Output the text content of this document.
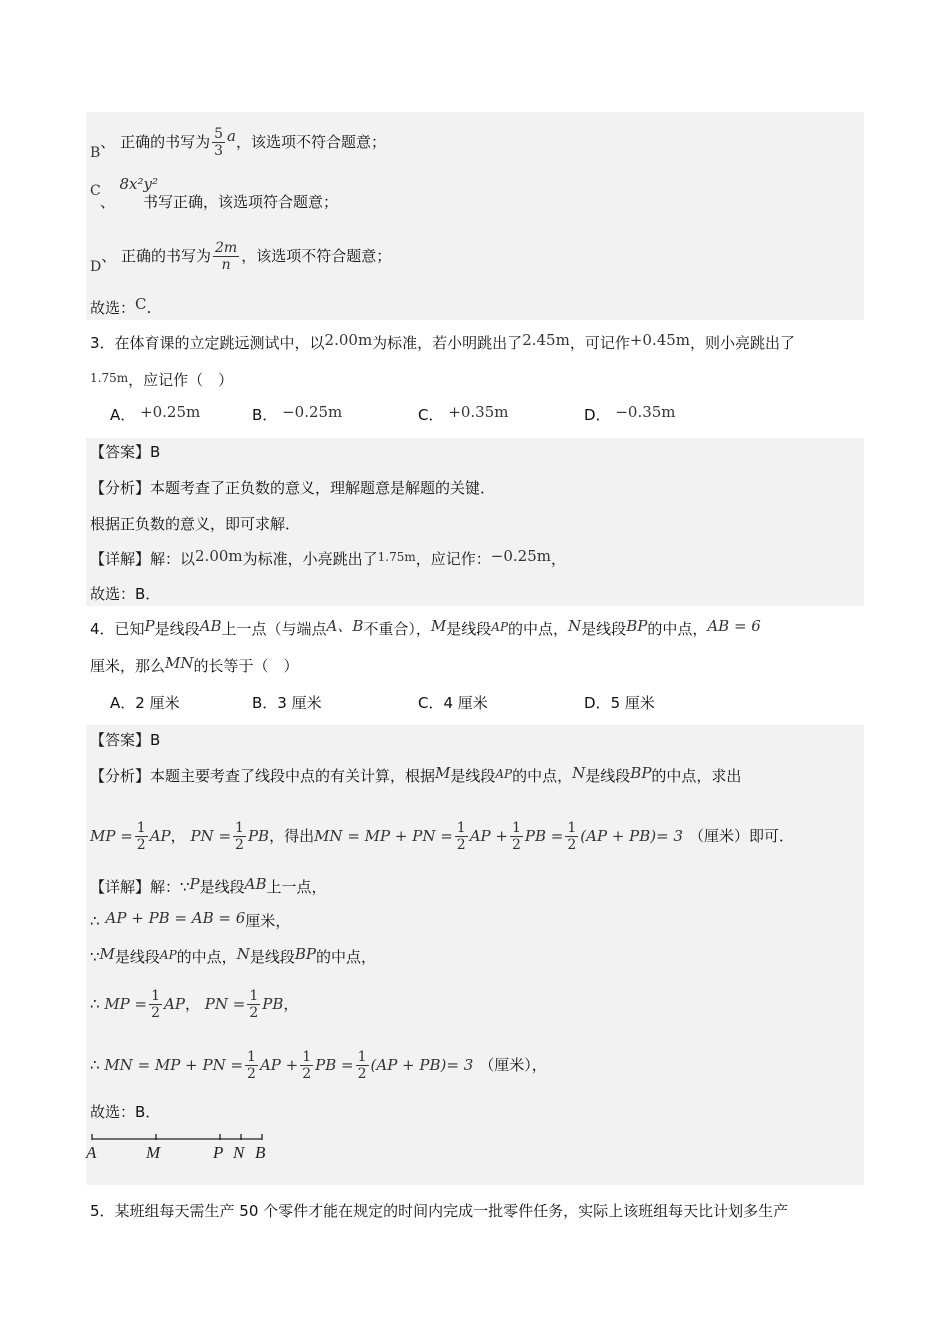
B、 正确的书写为 $\frac{5}{3}$ a，该选项不符合题意；
C 8x²y²
、 书写正确，该选项符合题意；
D、 正确的书写为 $\frac{2m}{n}$ ，该选项不符合题意；
故选：C.
3．在体育课的立定跳远测试中，以2.00m为标准，若小明跳出了2.45m，可记作+0.45m，则小亮跳出了
$^{1.75m}$，应记作（　）
A． +0.25m	B． −0.25m	C． +0.35m	D． −0.35m
【答案】B
【分析】本题考查了正负数的意义，理解题意是解题的关键．
根据正负数的意义，即可求解．
【详解】解：以2.00m为标准，小亮跳出了$^{1.75m}$，应记作：−0.25m，
故选：B．
4．已知P是线段AB上一点（与端点A、B不重合），M是线段$^{AP}$的中点，N是线段BP的中点，AB = 6
厘米，那么MN的长等于（　）
A．2 厘米	B．3 厘米	C．4 厘米	D．5 厘米
【答案】B
【分析】本题主要考查了线段中点的有关计算，根据M是线段$^{AP}$的中点，N是线段BP的中点，求出
MP = $\frac{1}{2}$ AP， PN = $\frac{1}{2}$ PB，得出MN = MP + PN = $\frac{1}{2}$ AP + $\frac{1}{2}$ PB = $\frac{1}{2} (AP + PB)= 3$ （厘米）即可．
【详解】解：∵P是线段AB上一点，
∴ AP + PB = AB = 6厘米，
∵M是线段$^{AP}$的中点，N是线段BP的中点，
∴ MP = $\frac{1}{2}$ AP， PN = $\frac{1}{2}$ PB，
∴ MN = MP + PN = $\frac{1}{2}$ AP + $\frac{1}{2}$ PB = $\frac{1}{2} (AP + PB)= 3$ （厘米），
故选：B．
A	M	P N B
5．某班组每天需生产 50 个零件才能在规定的时间内完成一批零件任务，实际上该班组每天比计划多生产
